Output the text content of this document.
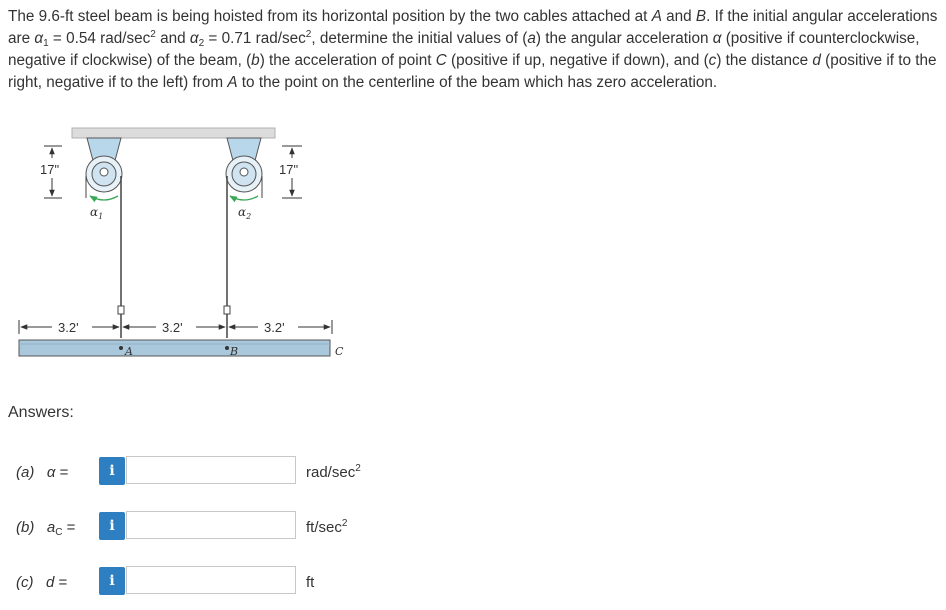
The 9.6-ft steel beam is being hoisted from its horizontal position by the two cables attached at A and B. If the initial angular accelerations are $\alpha_1 = 0.54$ rad/$\sec^2$ and $\alpha_2 = 0.71$ rad/$\sec^2$, determine the initial values of (a) the angular acceleration α (positive if counterclockwise, negative if clockwise) of the beam, (b) the acceleration of point C (positive if up, negative if down), and (c) the distance d (positive if to the right, negative if to the left) from A to the point on the centerline of the beam which has zero acceleration.
17"	17"
$\alpha_1$	$\alpha_2$
3.2'	3.2'	3.2'
A	B	C
Answers:
(a) α =	i	rad/$\sec^2$
(b) $a_C$ =	i	$ft/\sec^2$
(c) d =	i	ft
